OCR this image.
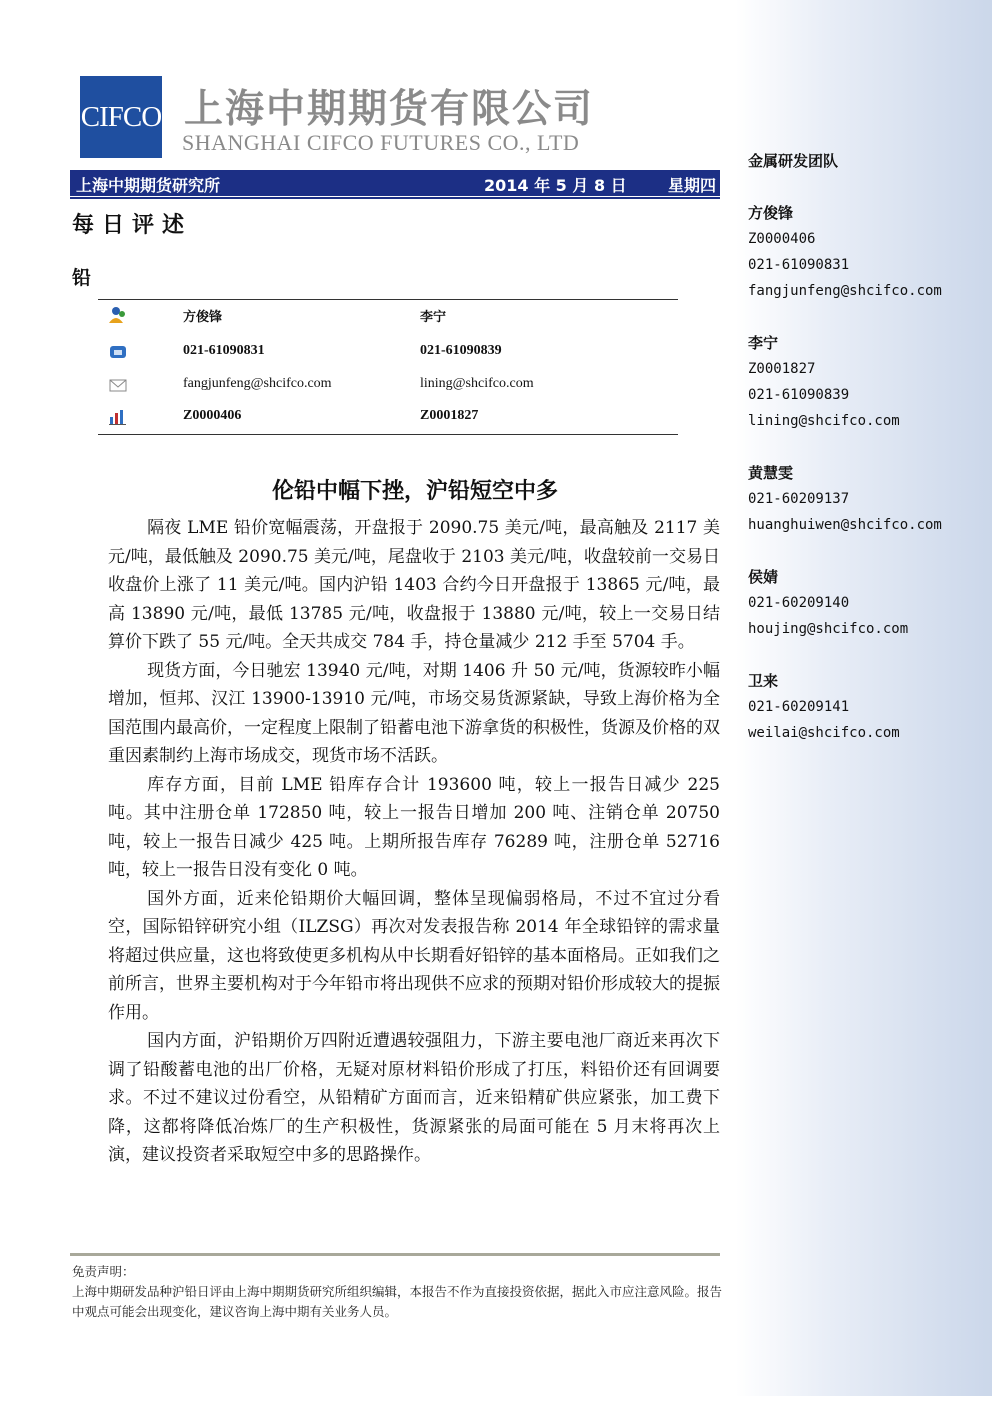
金属研发团队
方俊锋
Z0000406
021-61090831
fangjunfeng@shcifco.com
李宁
Z0001827
021-61090839
lining@shcifco.com
黄慧雯
021-60209137
huanghuiwen@shcifco.com
侯婧
021-60209140
houjing@shcifco.com
卫来
021-60209141
weilai@shcifco.com
CIFCO 上海中期期货有限公司
SHANGHAI CIFCO FUTURES CO., LTD
上海中期期货研究所	2014 年 5 月 8 日	星期四
每日评述
铅
方俊锋	李宁
021-61090831	021-61090839
fangjunfeng@shcifco.com	lining@shcifco.com
Z0000406	Z0001827
伦铅中幅下挫，沪铅短空中多

隔夜 LME 铅价宽幅震荡，开盘报于 2090.75 美元/吨，最高触及 2117 美元/吨，最低触及 2090.75 美元/吨，尾盘收于 2103 美元/吨，收盘较前一交易日收盘价上涨了 11 美元/吨。国内沪铅 1403 合约今日开盘报于 13865 元/吨，最高 13890 元/吨，最低 13785 元/吨，收盘报于 13880 元/吨，较上一交易日结算价下跌了 55 元/吨。全天共成交 784 手，持仓量减少 212 手至 5704 手。

现货方面，今日驰宏 13940 元/吨，对期 1406 升 50 元/吨，货源较昨小幅增加，恒邦、汉江 13900-13910 元/吨，市场交易货源紧缺，导致上海价格为全国范围内最高价，一定程度上限制了铅蓄电池下游拿货的积极性，货源及价格的双重因素制约上海市场成交，现货市场不活跃。

库存方面，目前 LME 铅库存合计 193600 吨，较上一报告日减少 225 吨。其中注册仓单 172850 吨，较上一报告日增加 200 吨、注销仓单 20750 吨，较上一报告日减少 425 吨。上期所报告库存 76289 吨，注册仓单 52716 吨，较上一报告日没有变化 0 吨。

国外方面，近来伦铅期价大幅回调，整体呈现偏弱格局，不过不宜过分看空，国际铅锌研究小组（ILZSG）再次对发表报告称 2014 年全球铅锌的需求量将超过供应量，这也将致使更多机构从中长期看好铅锌的基本面格局。正如我们之前所言，世界主要机构对于今年铅市将出现供不应求的预期对铅价形成较大的提振作用。

国内方面，沪铅期价万四附近遭遇较强阻力，下游主要电池厂商近来再次下调了铅酸蓄电池的出厂价格，无疑对原材料铅价形成了打压，料铅价还有回调要求。不过不建议过份看空，从铅精矿方面而言，近来铅精矿供应紧张，加工费下降，这都将降低冶炼厂的生产积极性，货源紧张的局面可能在 5 月末将再次上演，建议投资者采取短空中多的思路操作。

免责声明：
上海中期研发品种沪铅日评由上海中期期货研究所组织编辑，本报告不作为直接投资依据，据此入市应注意风险。报告中观点可能会出现变化，建议咨询上海中期有关业务人员。
